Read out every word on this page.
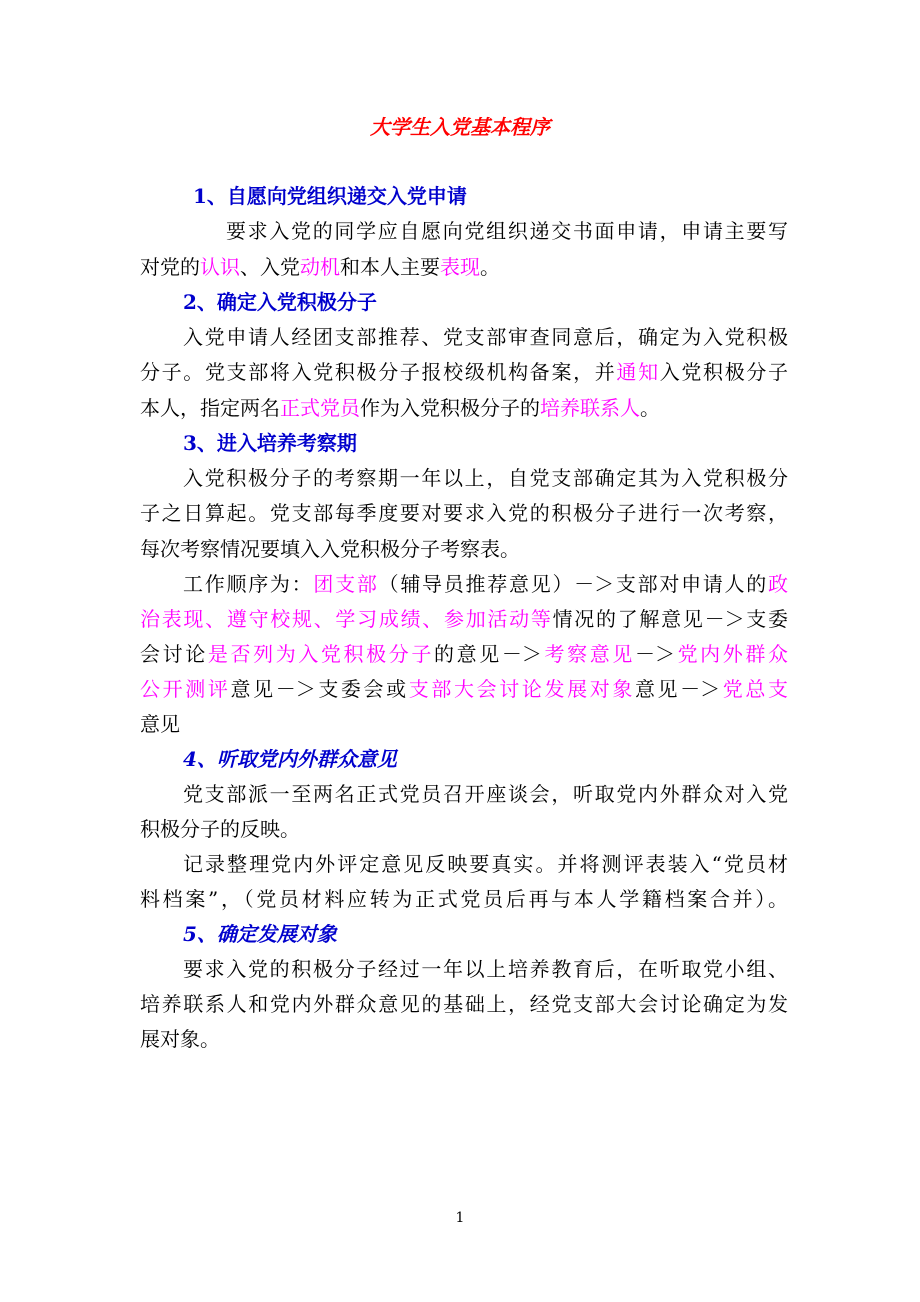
大学生入党基本程序
1、自愿向党组织递交入党申请
要求入党的同学应自愿向党组织递交书面申请，申请主要写
对党的认识、入党动机和本人主要表现。
2、确定入党积极分子
入党申请人经团支部推荐、党支部审查同意后，确定为入党积极
分子。党支部将入党积极分子报校级机构备案，并通知入党积极分子
本人，指定两名正式党员作为入党积极分子的培养联系人。
3、进入培养考察期
入党积极分子的考察期一年以上，自党支部确定其为入党积极分
子之日算起。党支部每季度要对要求入党的积极分子进行一次考察，
每次考察情况要填入入党积极分子考察表。
工作顺序为：团支部（辅导员推荐意见）－＞支部对申请人的政
治表现、遵守校规、学习成绩、参加活动等情况的了解意见－＞支委
会讨论是否列为入党积极分子的意见－＞考察意见－＞党内外群众
公开测评意见－＞支委会或支部大会讨论发展对象意见－＞党总支
意见
4、听取党内外群众意见
党支部派一至两名正式党员召开座谈会，听取党内外群众对入党
积极分子的反映。
记录整理党内外评定意见反映要真实。并将测评表装入“党员材
料档案”，（党员材料应转为正式党员后再与本人学籍档案合并）。
5、确定发展对象
要求入党的积极分子经过一年以上培养教育后，在听取党小组、
培养联系人和党内外群众意见的基础上，经党支部大会讨论确定为发
展对象。
1
